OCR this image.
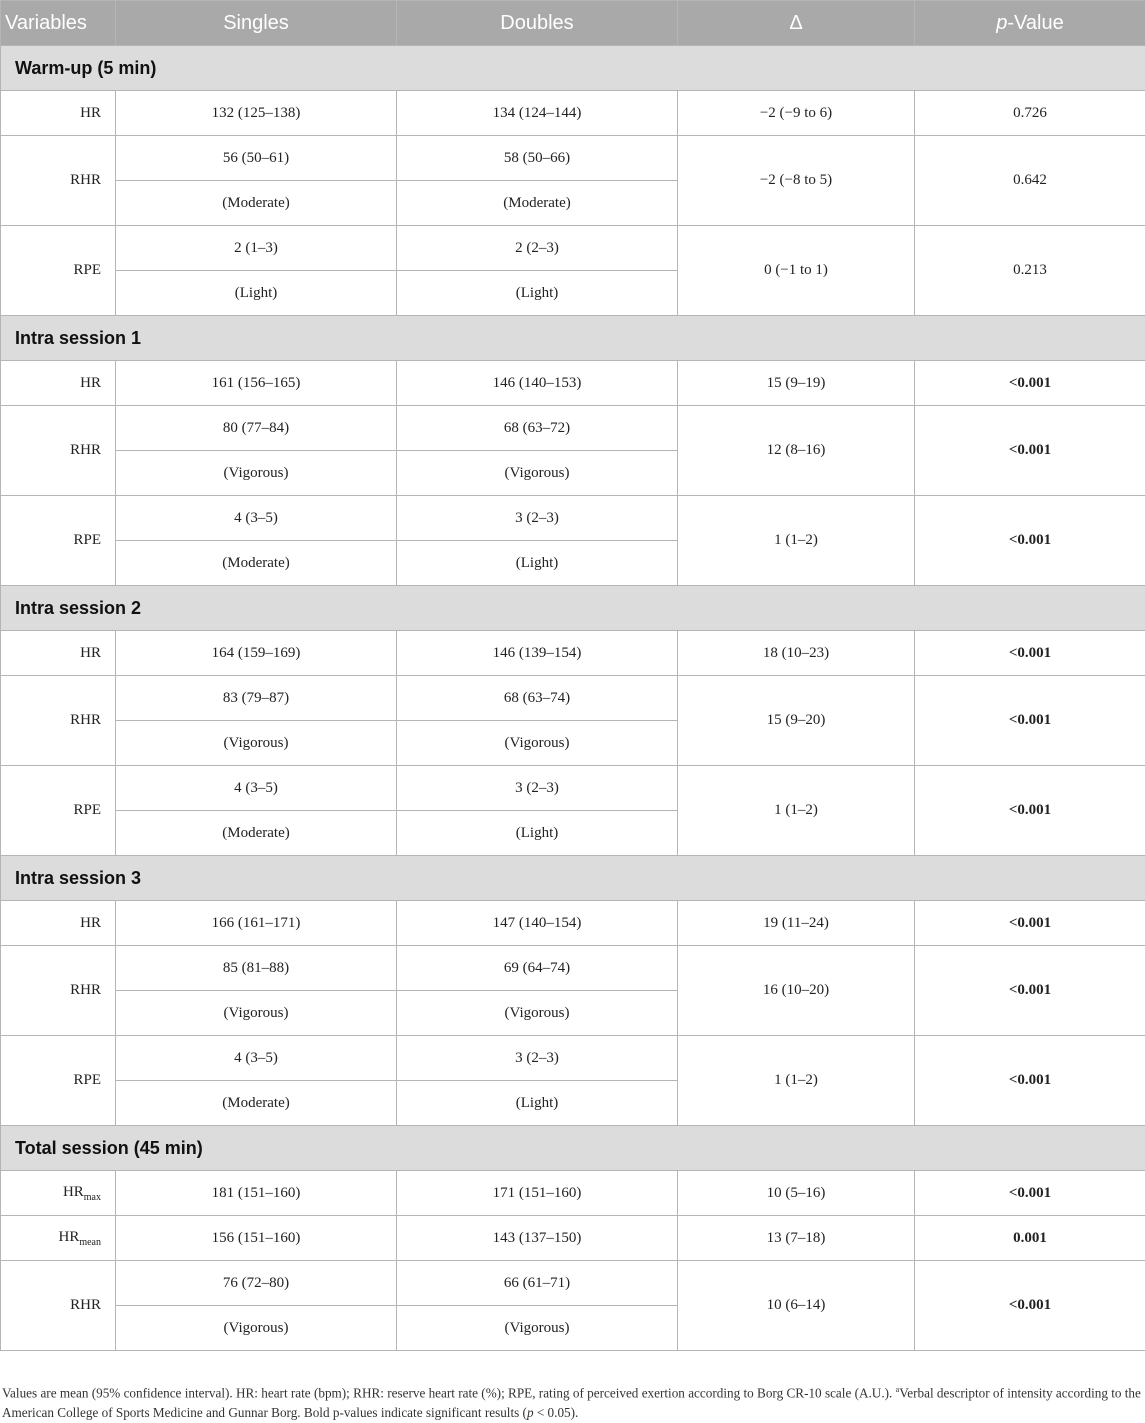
Variables	Singles	Doubles	Δ	p-Value
Warm-up (5 min)				
HR	132 (125–138)	134 (124–144)	−2 (−9 to 6)	0.726
RHR	56 (50–61)	58 (50–66)	−2 (−8 to 5)	0.642
	(Moderate)	(Moderate)		
RPE	2 (1–3)	2 (2–3)	0 (−1 to 1)	0.213
	(Light)	(Light)		
Intra session 1				
HR	161 (156–165)	146 (140–153)	15 (9–19)	<0.001
RHR	80 (77–84)	68 (63–72)	12 (8–16)	<0.001
	(Vigorous)	(Vigorous)		
RPE	4 (3–5)	3 (2–3)	1 (1–2)	<0.001
	(Moderate)	(Light)		
Intra session 2				
HR	164 (159–169)	146 (139–154)	18 (10–23)	<0.001
RHR	83 (79–87)	68 (63–74)	15 (9–20)	<0.001
	(Vigorous)	(Vigorous)		
RPE	4 (3–5)	3 (2–3)	1 (1–2)	<0.001
	(Moderate)	(Light)		
Intra session 3				
HR	166 (161–171)	147 (140–154)	19 (11–24)	<0.001
RHR	85 (81–88)	69 (64–74)	16 (10–20)	<0.001
	(Vigorous)	(Vigorous)		
RPE	4 (3–5)	3 (2–3)	1 (1–2)	<0.001
	(Moderate)	(Light)		
Total session (45 min)				
$HR_{max}$	181 (151–160)	171 (151–160)	10 (5–16)	<0.001
$HR_{mean}$	156 (151–160)	143 (137–150)	13 (7–18)	0.001
RHR	76 (72–80)	66 (61–71)	10 (6–14)	<0.001
	(Vigorous)	(Vigorous)		
Values are mean (95% confidence interval). HR: heart rate (bpm); RHR: reserve heart rate (%); RPE, rating of perceived exertion according to Borg CR-10 scale (A.U.). $^a$Verbal descriptor of intensity according to the American College of Sports Medicine and Gunnar Borg. Bold p-values indicate significant results (p < 0.05).
